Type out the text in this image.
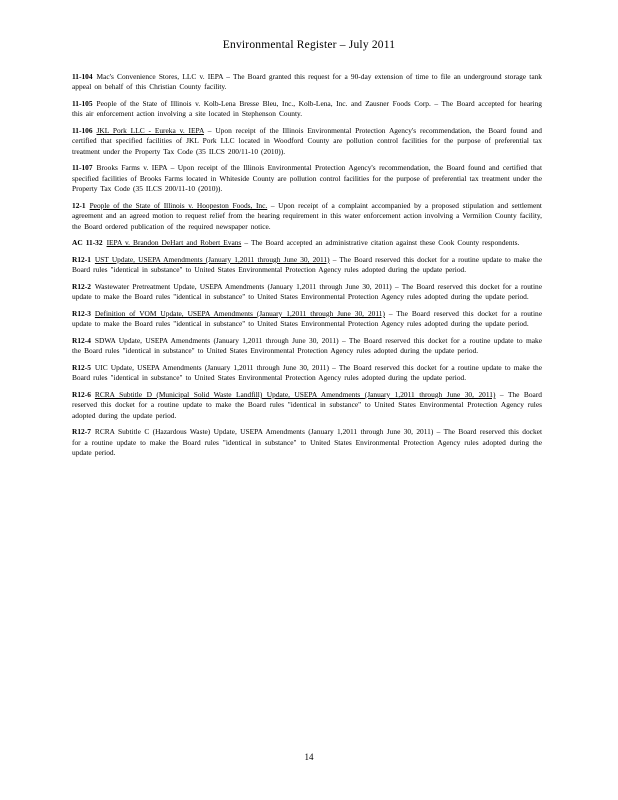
Environmental Register – July 2011

11-104 Mac's Convenience Stores, LLC v. IEPA – The Board granted this request for a 90-day extension of time to file an underground storage tank appeal on behalf of this Christian County facility.

11-105 People of the State of Illinois v. Kolb-Lena Bresse Bleu, Inc., Kolb-Lena, Inc. and Zausner Foods Corp. – The Board accepted for hearing this air enforcement action involving a site located in Stephenson County.

11-106 JKL Pork LLC - Eureka v. IEPA – Upon receipt of the Illinois Environmental Protection Agency's recommendation, the Board found and certified that specified facilities of JKL Pork LLC located in Woodford County are pollution control facilities for the purpose of preferential tax treatment under the Property Tax Code (35 ILCS 200/11-10 (2010)).

11-107 Brooks Farms v. IEPA – Upon receipt of the Illinois Environmental Protection Agency's recommendation, the Board found and certified that specified facilities of Brooks Farms located in Whiteside County are pollution control facilities for the purpose of preferential tax treatment under the Property Tax Code (35 ILCS 200/11-10 (2010)).

12-1 People of the State of Illinois v. Hoopeston Foods, Inc. – Upon receipt of a complaint accompanied by a proposed stipulation and settlement agreement and an agreed motion to request relief from the hearing requirement in this water enforcement action involving a Vermilion County facility, the Board ordered publication of the required newspaper notice.

AC 11-32 IEPA v. Brandon DeHart and Robert Evans – The Board accepted an administrative citation against these Cook County respondents.

R12-1 UST Update, USEPA Amendments (January 1,2011 through June 30, 2011) – The Board reserved this docket for a routine update to make the Board rules "identical in substance" to United States Environmental Protection Agency rules adopted during the update period.

R12-2 Wastewater Pretreatment Update, USEPA Amendments (January 1,2011 through June 30, 2011) – The Board reserved this docket for a routine update to make the Board rules "identical in substance" to United States Environmental Protection Agency rules adopted during the update period.

R12-3 Definition of VOM Update, USEPA Amendments (January 1,2011 through June 30, 2011) – The Board reserved this docket for a routine update to make the Board rules "identical in substance" to United States Environmental Protection Agency rules adopted during the update period.

R12-4 SDWA Update, USEPA Amendments (January 1,2011 through June 30, 2011) – The Board reserved this docket for a routine update to make the Board rules "identical in substance" to United States Environmental Protection Agency rules adopted during the update period.

R12-5 UIC Update, USEPA Amendments (January 1,2011 through June 30, 2011) – The Board reserved this docket for a routine update to make the Board rules "identical in substance" to United States Environmental Protection Agency rules adopted during the update period.

R12-6 RCRA Subtitle D (Municipal Solid Waste Landfill) Update, USEPA Amendments (January 1,2011 through June 30, 2011) – The Board reserved this docket for a routine update to make the Board rules "identical in substance" to United States Environmental Protection Agency rules adopted during the update period.

R12-7 RCRA Subtitle C (Hazardous Waste) Update, USEPA Amendments (January 1,2011 through June 30, 2011) – The Board reserved this docket for a routine update to make the Board rules "identical in substance" to United States Environmental Protection Agency rules adopted during the update period.

14
